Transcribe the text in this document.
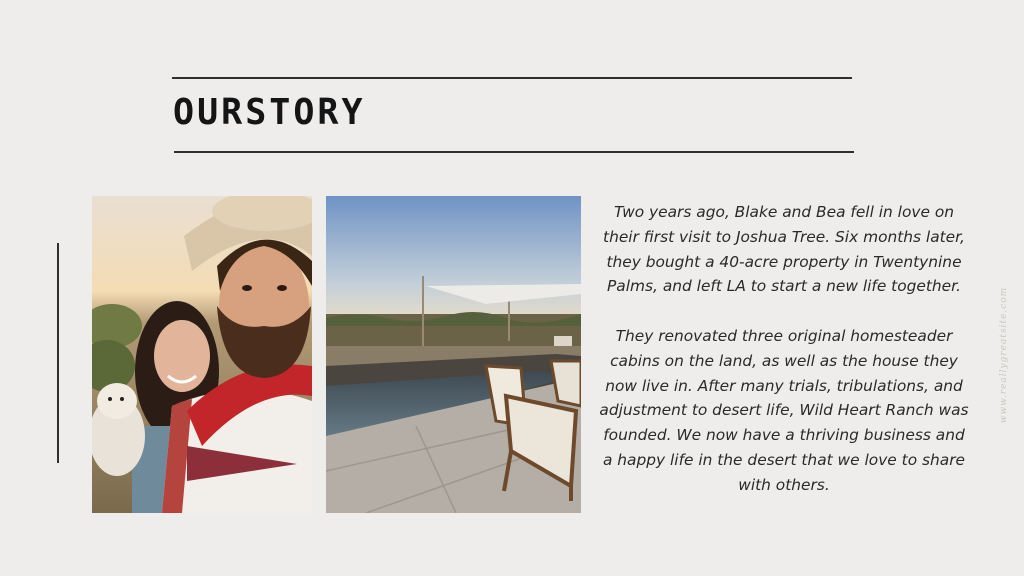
OURSTORY

Two years ago, Blake and Bea fell in love on their first visit to Joshua Tree. Six months later, they bought a 40-acre property in Twentynine Palms, and left LA to start a new life together.

They renovated three original homesteader cabins on the land, as well as the house they now live in. After many trials, tribulations, and adjustment to desert life, Wild Heart Ranch was founded. We now have a thriving business and a happy life in the desert that we love to share with others.

www.reallygreatsite.com
